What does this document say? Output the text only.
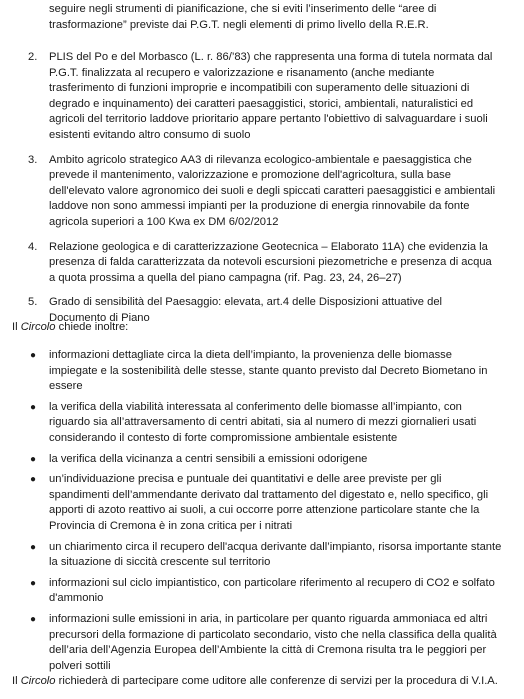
seguire negli strumenti di pianificazione, che si eviti l’inserimento delle “aree di trasformazione” previste dai P.G.T. negli elementi di primo livello della R.E.R.

2. PLIS del Po e del Morbasco (L. r. 86/’83) che rappresenta una forma di tutela normata dal P.G.T. finalizzata al recupero e valorizzazione e risanamento (anche mediante trasferimento di funzioni improprie e incompatibili con superamento delle situazioni di degrado e inquinamento) dei caratteri paesaggistici, storici, ambientali, naturalistici ed agricoli del territorio laddove prioritario appare pertanto l'obiettivo di salvaguardare i suoli esistenti evitando altro consumo di suolo
3. Ambito agricolo strategico AA3 di rilevanza ecologico-ambientale e paesaggistica che prevede il mantenimento, valorizzazione e promozione dell'agricoltura, sulla base dell'elevato valore agronomico dei suoli e degli spiccati caratteri paesaggistici e ambientali laddove non sono ammessi impianti per la produzione di energia rinnovabile da fonte agricola superiori a 100 Kwa ex DM 6/02/2012
4. Relazione geologica e di caratterizzazione Geotecnica – Elaborato 11A) che evidenzia la presenza di falda caratterizzata da notevoli escursioni piezometriche e presenza di acqua a quota prossima a quella del piano campagna (rif. Pag. 23, 24, 26–27)
5. Grado di sensibilità del Paesaggio: elevata, art.4 delle Disposizioni attuative del Documento di Piano

Il Circolo chiede inoltre:

● informazioni dettagliate circa la dieta dell’impianto, la provenienza delle biomasse impiegate e la sostenibilità delle stesse, stante quanto previsto dal Decreto Biometano in essere
● la verifica della viabilità interessata al conferimento delle biomasse all’impianto, con riguardo sia all’attraversamento di centri abitati, sia al numero di mezzi giornalieri usati considerando il contesto di forte compromissione ambientale esistente
● la verifica della vicinanza a centri sensibili a emissioni odorigene
● un’individuazione precisa e puntuale dei quantitativi e delle aree previste per gli spandimenti dell’ammendante derivato dal trattamento del digestato e, nello specifico, gli apporti di azoto reattivo ai suoli, a cui occorre porre attenzione particolare stante che la Provincia di Cremona è in zona critica per i nitrati
● un chiarimento circa il recupero dell'acqua derivante dall’impianto, risorsa importante stante la situazione di siccità crescente sul territorio
● informazioni sul ciclo impiantistico, con particolare riferimento al recupero di CO2 e solfato d'ammonio
● informazioni sulle emissioni in aria, in particolare per quanto riguarda ammoniaca ed altri precursori della formazione di particolato secondario, visto che nella classifica della qualità dell’aria dell’Agenzia Europea dell’Ambiente la città di Cremona risulta tra le peggiori per polveri sottili

Il Circolo richiederà di partecipare come uditore alle conferenze di servizi per la procedura di V.I.A.
